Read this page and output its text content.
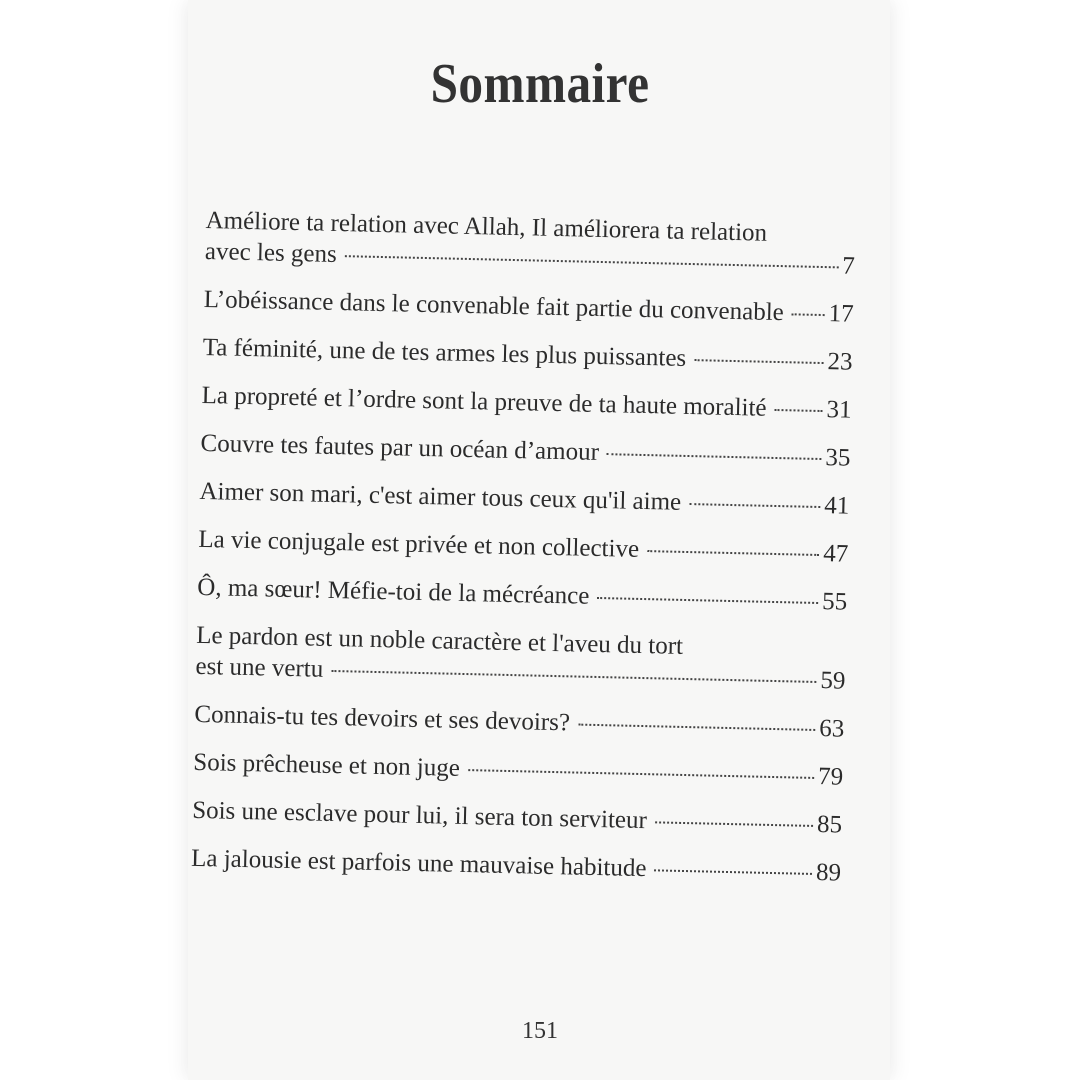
Sommaire
Améliore ta relation avec Allah, Il améliorera ta relation
avec les gens	7
L’obéissance dans le convenable fait partie du convenable 17
Ta féminité, une de tes armes les plus puissantes	23
La propreté et l’ordre sont la preuve de ta haute moralité 31
Couvre tes fautes par un océan d’amour	35
Aimer son mari, c'est aimer tous ceux qu'il aime	41
La vie conjugale est privée et non collective	47
Ô, ma sœur! Méfie-toi de la mécréance	55
Le pardon est un noble caractère et l'aveu du tort
est une vertu	59
Connais-tu tes devoirs et ses devoirs?	63
Sois prêcheuse et non juge	79
Sois une esclave pour lui, il sera ton serviteur	85
La jalousie est parfois une mauvaise habitude	89
151
